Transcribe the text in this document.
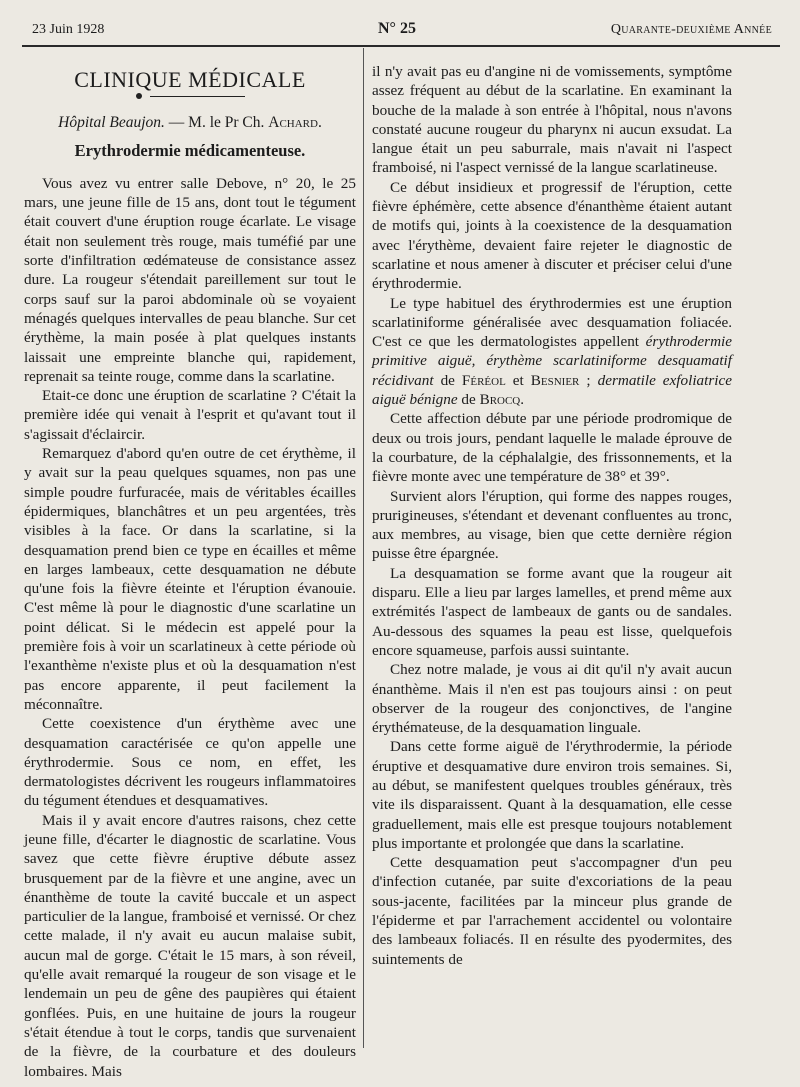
23 Juin 1928	N° 25	Quarante-deuxième Année
CLINIQUE MÉDICALE
Hôpital Beaujon. — M. le Pr Ch. Achard.
Erythrodermie médicamenteuse.

Vous avez vu entrer salle Debove, n° 20, le 25 mars, une jeune fille de 15 ans, dont tout le tégument était couvert d'une éruption rouge écarlate. Le visage était non seulement très rouge, mais tuméfié par une sorte d'infiltration œdémateuse de consistance assez dure. La rougeur s'étendait pareillement sur tout le corps sauf sur la paroi abdominale où se voyaient ménagés quelques intervalles de peau blanche. Sur cet érythème, la main posée à plat quelques instants laissait une empreinte blanche qui, rapidement, reprenait sa teinte rouge, comme dans la scarlatine.

Etait-ce donc une éruption de scarlatine ? C'était la première idée qui venait à l'esprit et qu'avant tout il s'agissait d'éclaircir.

Remarquez d'abord qu'en outre de cet érythème, il y avait sur la peau quelques squames, non pas une simple poudre furfuracée, mais de véritables écailles épidermiques, blanchâtres et un peu argentées, très visibles à la face. Or dans la scarlatine, si la desquamation prend bien ce type en écailles et même en larges lambeaux, cette desquamation ne débute qu'une fois la fièvre éteinte et l'éruption évanouie. C'est même là pour le diagnostic d'une scarlatine un point délicat. Si le médecin est appelé pour la première fois à voir un scarlatineux à cette période où l'exanthème n'existe plus et où la desquamation n'est pas encore apparente, il peut facilement la méconnaître.

Cette coexistence d'un érythème avec une desquamation caractérisée ce qu'on appelle une érythrodermie. Sous ce nom, en effet, les dermatologistes décrivent les rougeurs inflammatoires du tégument étendues et desquamatives.

Mais il y avait encore d'autres raisons, chez cette jeune fille, d'écarter le diagnostic de scarlatine. Vous savez que cette fièvre éruptive débute assez brusquement par de la fièvre et une angine, avec un énanthème de toute la cavité buccale et un aspect particulier de la langue, framboisé et vernissé. Or chez cette malade, il n'y avait eu aucun malaise subit, aucun mal de gorge. C'était le 15 mars, à son réveil, qu'elle avait remarqué la rougeur de son visage et le lendemain un peu de gêne des paupières qui étaient gonflées. Puis, en une huitaine de jours la rougeur s'était étendue à tout le corps, tandis que survenaient de la fièvre, de la courbature et des douleurs lombaires. Mais

il n'y avait pas eu d'angine ni de vomissements, symptôme assez fréquent au début de la scarlatine. En examinant la bouche de la malade à son entrée à l'hôpital, nous n'avons constaté aucune rougeur du pharynx ni aucun exsudat. La langue était un peu saburrale, mais n'avait ni l'aspect framboisé, ni l'aspect vernissé de la langue scarlatineuse.

Ce début insidieux et progressif de l'éruption, cette fièvre éphémère, cette absence d'énanthème étaient autant de motifs qui, joints à la coexistence de la desquamation avec l'érythème, devaient faire rejeter le diagnostic de scarlatine et nous amener à discuter et préciser celui d'une érythrodermie.

Le type habituel des érythrodermies est une éruption scarlatiniforme généralisée avec desquamation foliacée. C'est ce que les dermatologistes appellent érythrodermie primitive aiguë, érythème scarlatiniforme desquamatif récidivant de Féréol et Besnier ; dermatile exfoliatrice aiguë bénigne de Brocq.

Cette affection débute par une période prodromique de deux ou trois jours, pendant laquelle le malade éprouve de la courbature, de la céphalalgie, des frissonnements, et la fièvre monte avec une température de 38° et 39°.

Survient alors l'éruption, qui forme des nappes rouges, prurigineuses, s'étendant et devenant confluentes au tronc, aux membres, au visage, bien que cette dernière région puisse être épargnée.

La desquamation se forme avant que la rougeur ait disparu. Elle a lieu par larges lamelles, et prend même aux extrémités l'aspect de lambeaux de gants ou de sandales. Au-dessous des squames la peau est lisse, quelquefois encore squameuse, parfois aussi suintante.

Chez notre malade, je vous ai dit qu'il n'y avait aucun énanthème. Mais il n'en est pas toujours ainsi : on peut observer de la rougeur des conjonctives, de l'angine érythémateuse, de la desquamation linguale.

Dans cette forme aiguë de l'érythrodermie, la période éruptive et desquamative dure environ trois semaines. Si, au début, se manifestent quelques troubles généraux, très vite ils disparaissent. Quant à la desquamation, elle cesse graduellement, mais elle est presque toujours notablement plus importante et prolongée que dans la scarlatine.

Cette desquamation peut s'accompagner d'un peu d'infection cutanée, par suite d'excoriations de la peau sous-jacente, facilitées par la minceur plus grande de l'épiderme et par l'arrachement accidentel ou volontaire des lambeaux foliacés. Il en résulte des pyodermites, des suintements de
